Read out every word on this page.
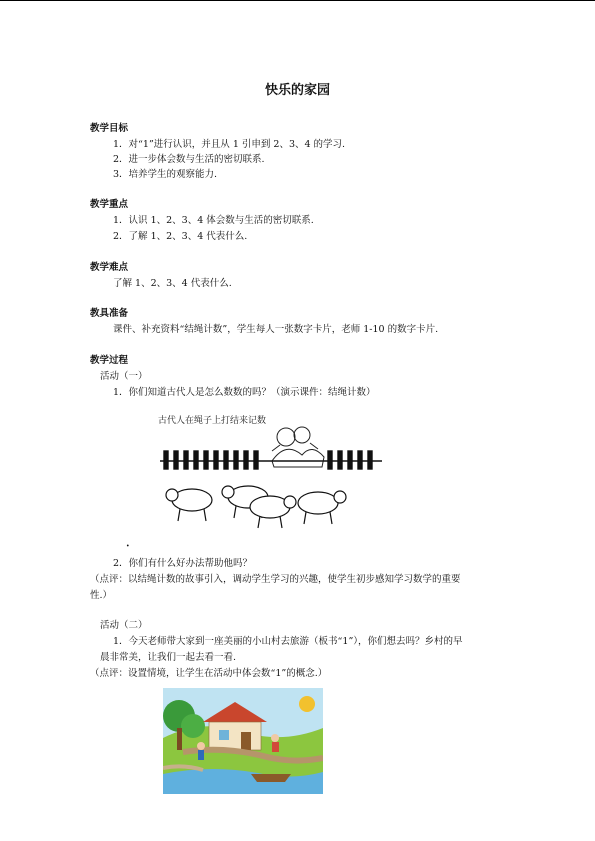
快乐的家园
教学目标
1．对“1”进行认识，并且从 1 引申到 2、3、4 的学习.
2．进一步体会数与生活的密切联系.
3．培养学生的观察能力.
教学重点
1．认识 1、2、3、4 体会数与生活的密切联系.
2．了解 1、2、3、4 代表什么.
教学难点
了解 1、2、3、4 代表什么.
教具准备
课件、补充资料“结绳计数”，学生每人一张数字卡片，老师 1-10 的数字卡片.
教学过程
活动（一）
1．你们知道古代人是怎么数数的吗？（演示课件：结绳计数）
古代人在绳子上打结来记数
•
2．你们有什么好办法帮助他吗？
（点评：以结绳计数的故事引入，调动学生学习的兴趣，使学生初步感知学习数学的重要
性.）
活动（二）
1．今天老师带大家到一座美丽的小山村去旅游（板书“1”），你们想去吗？乡村的早
晨非常美，让我们一起去看一看.
（点评：设置情境，让学生在活动中体会数“1”的概念.）
